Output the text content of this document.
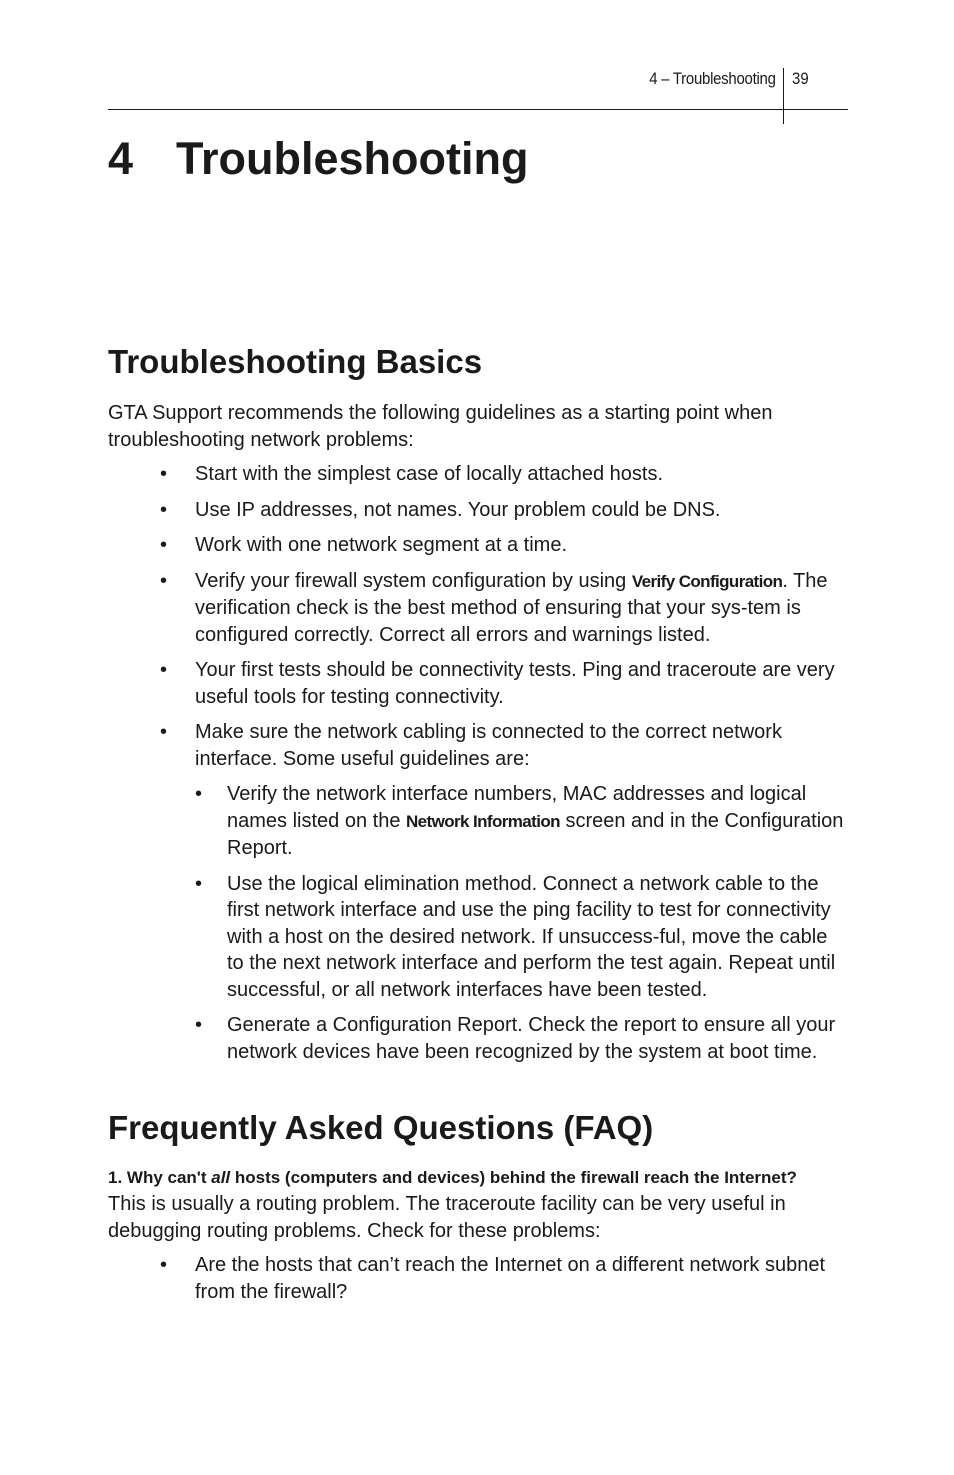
4 – Troubleshooting 39
4 Troubleshooting
Troubleshooting Basics

GTA Support recommends the following guidelines as a starting point when troubleshooting network problems:

• Start with the simplest case of locally attached hosts.
• Use IP addresses, not names. Your problem could be DNS.
• Work with one network segment at a time.
• Verify your firewall system configuration by using Verify Configuration. The verification check is the best method of ensuring that your sys-tem is configured correctly. Correct all errors and warnings listed.
• Your first tests should be connectivity tests. Ping and traceroute are very useful tools for testing connectivity.
• Make sure the network cabling is connected to the correct network interface. Some useful guidelines are:
• Verify the network interface numbers, MAC addresses and logical names listed on the Network Information screen and in the Configuration Report.
• Use the logical elimination method. Connect a network cable to the first network interface and use the ping facility to test for connectivity with a host on the desired network. If unsuccess-ful, move the cable to the next network interface and perform the test again. Repeat until successful, or all network interfaces have been tested.
• Generate a Configuration Report. Check the report to ensure all your network devices have been recognized by the system at boot time.
Frequently Asked Questions (FAQ)

1. Why can't all hosts (computers and devices) behind the firewall reach the Internet?

This is usually a routing problem. The traceroute facility can be very useful in debugging routing problems. Check for these problems:

• Are the hosts that can’t reach the Internet on a different network subnet from the firewall?
